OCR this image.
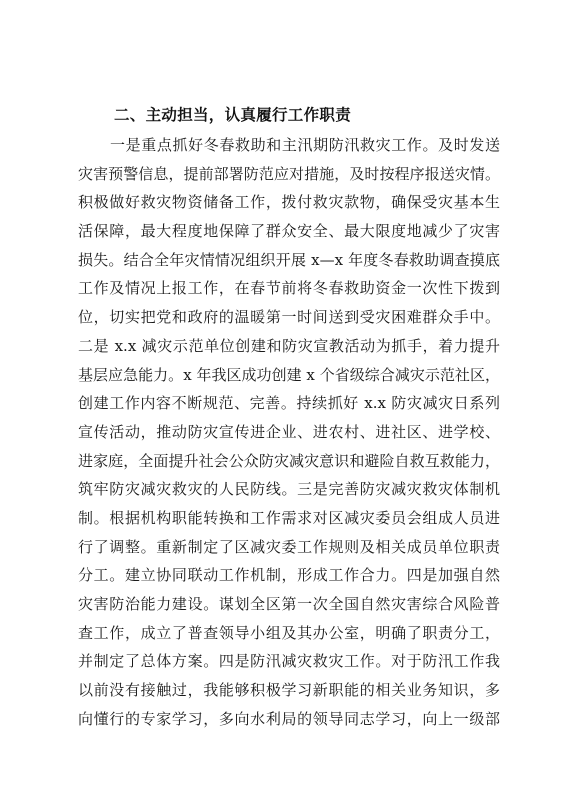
二、主动担当，认真履行工作职责
一是重点抓好冬春救助和主汛期防汛救灾工作。及时发送
灾害预警信息，提前部署防范应对措施，及时按程序报送灾情。
积极做好救灾物资储备工作，拨付救灾款物，确保受灾基本生
活保障，最大程度地保障了群众安全、最大限度地减少了灾害
损失。结合全年灾情情况组织开展 x—x 年度冬春救助调查摸底
工作及情况上报工作，在春节前将冬春救助资金一次性下拨到
位，切实把党和政府的温暖第一时间送到受灾困难群众手中。
二是 x.x 减灾示范单位创建和防灾宣教活动为抓手，着力提升
基层应急能力。x 年我区成功创建 x 个省级综合减灾示范社区，
创建工作内容不断规范、完善。持续抓好 x.x 防灾减灾日系列
宣传活动，推动防灾宣传进企业、进农村、进社区、进学校、
进家庭，全面提升社会公众防灾减灾意识和避险自救互救能力，
筑牢防灾减灾救灾的人民防线。三是完善防灾减灾救灾体制机
制。根据机构职能转换和工作需求对区减灾委员会组成人员进
行了调整。重新制定了区减灾委工作规则及相关成员单位职责
分工。建立协同联动工作机制，形成工作合力。四是加强自然
灾害防治能力建设。谋划全区第一次全国自然灾害综合风险普
查工作，成立了普查领导小组及其办公室，明确了职责分工，
并制定了总体方案。四是防汛减灾救灾工作。对于防汛工作我
以前没有接触过，我能够积极学习新职能的相关业务知识，多
向懂行的专家学习，多向水利局的领导同志学习，向上一级部
